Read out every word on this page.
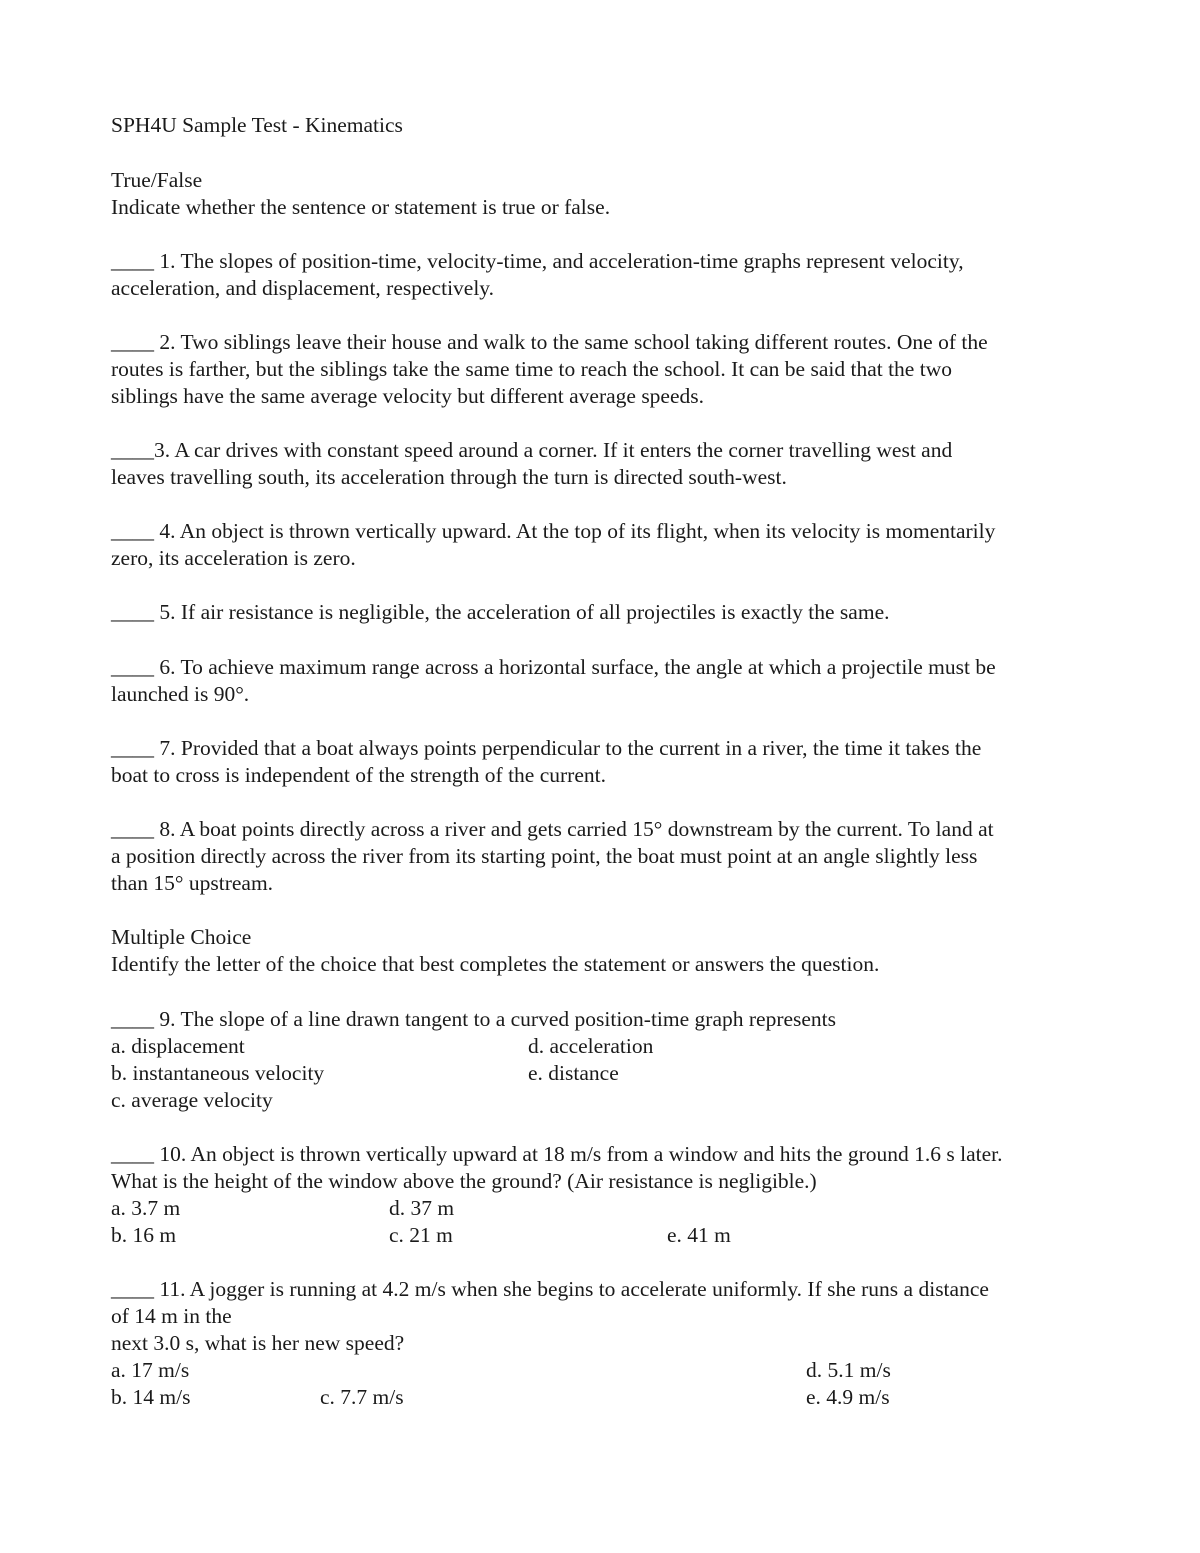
SPH4U Sample Test - Kinematics
True/False
Indicate whether the sentence or statement is true or false.
____ 1. The slopes of position-time, velocity-time, and acceleration-time graphs represent velocity,
acceleration, and displacement, respectively.
____ 2. Two siblings leave their house and walk to the same school taking different routes. One of the
routes is farther, but the siblings take the same time to reach the school. It can be said that the two
siblings have the same average velocity but different average speeds.
____3. A car drives with constant speed around a corner. If it enters the corner travelling west and
leaves travelling south, its acceleration through the turn is directed south-west.
____ 4. An object is thrown vertically upward. At the top of its flight, when its velocity is momentarily
zero, its acceleration is zero.
____ 5. If air resistance is negligible, the acceleration of all projectiles is exactly the same.
____ 6. To achieve maximum range across a horizontal surface, the angle at which a projectile must be
launched is 90°.
____ 7. Provided that a boat always points perpendicular to the current in a river, the time it takes the
boat to cross is independent of the strength of the current.
____ 8. A boat points directly across a river and gets carried 15° downstream by the current. To land at
a position directly across the river from its starting point, the boat must point at an angle slightly less
than 15° upstream.
Multiple Choice
Identify the letter of the choice that best completes the statement or answers the question.
____ 9. The slope of a line drawn tangent to a curved position-time graph represents
a. displacement	d. acceleration
b. instantaneous velocity	e. distance
c. average velocity
____ 10. An object is thrown vertically upward at 18 m/s from a window and hits the ground 1.6 s later.
What is the height of the window above the ground? (Air resistance is negligible.)
a. 3.7 m	d. 37 m
b. 16 m	c. 21 m	e. 41 m
____ 11. A jogger is running at 4.2 m/s when she begins to accelerate uniformly. If she runs a distance
of 14 m in the
next 3.0 s, what is her new speed?
a. 17 m/s	d. 5.1 m/s
b. 14 m/s	c. 7.7 m/s	e. 4.9 m/s
